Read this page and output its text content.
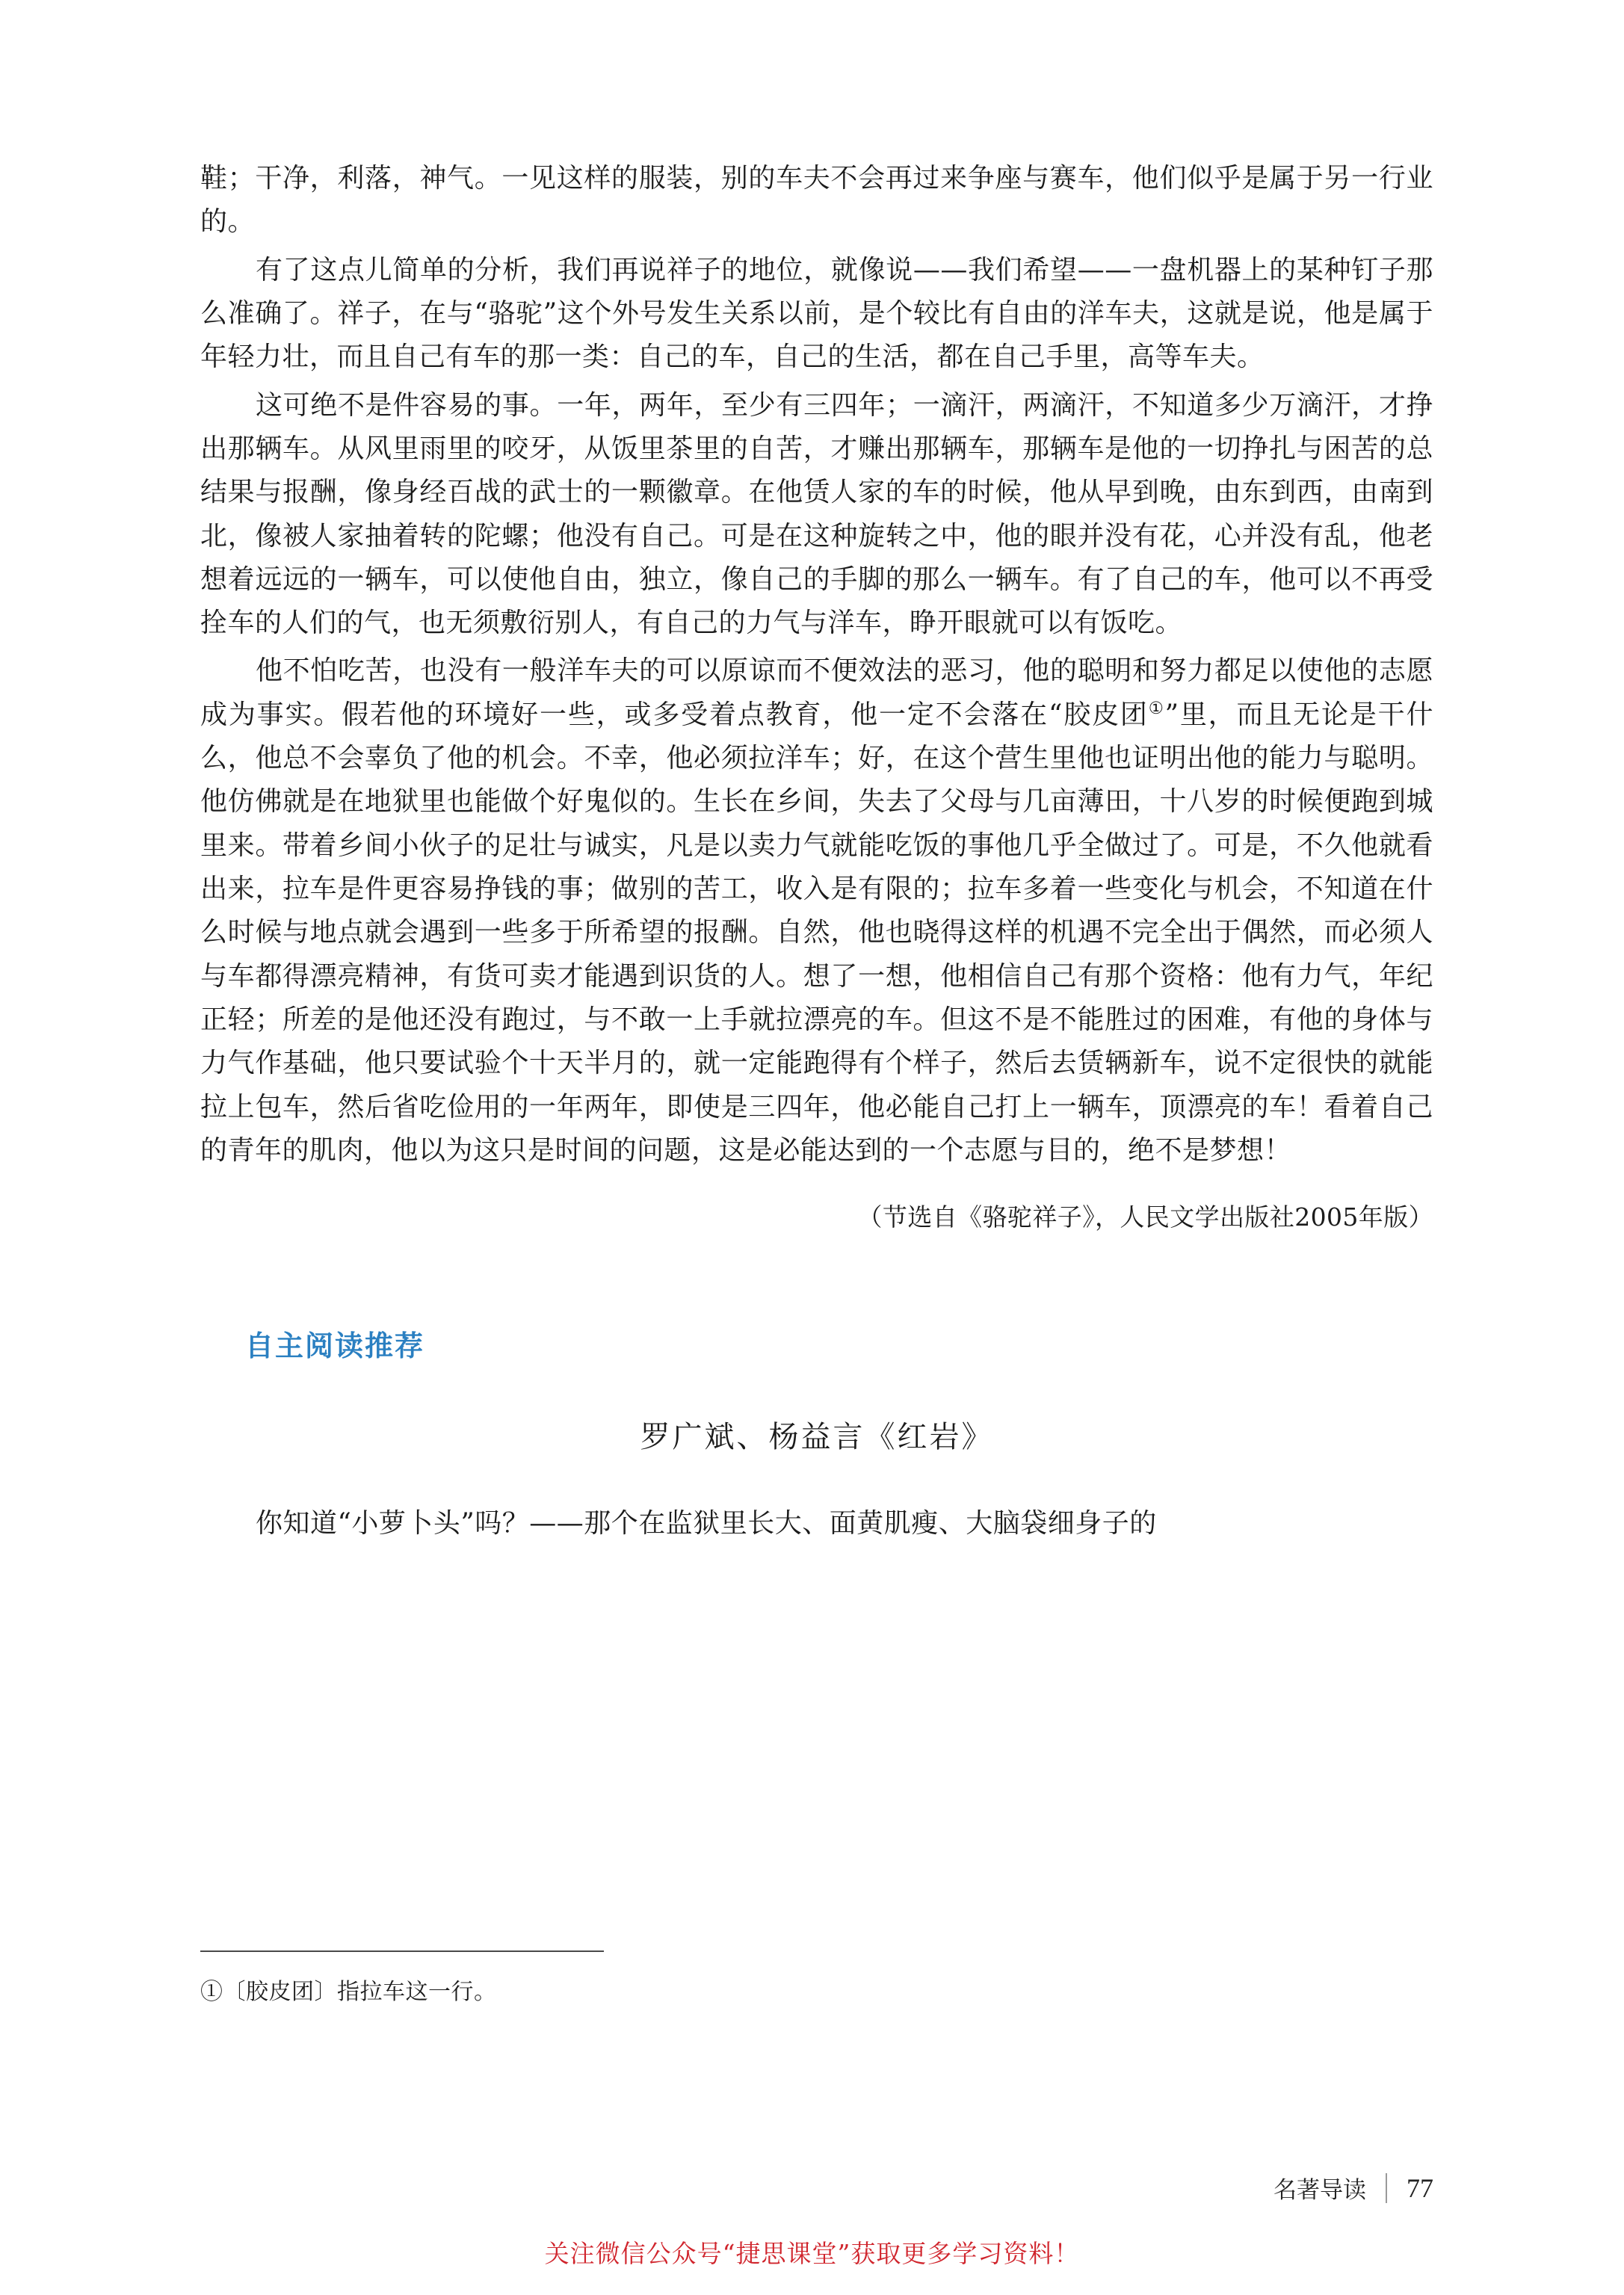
鞋；干净，利落，神气。一见这样的服装，别的车夫不会再过来争座与赛车，他们似乎是属于另一行业的。

有了这点儿简单的分析，我们再说祥子的地位，就像说——我们希望——一盘机器上的某种钉子那么准确了。祥子，在与“骆驼”这个外号发生关系以前，是个较比有自由的洋车夫，这就是说，他是属于年轻力壮，而且自己有车的那一类：自己的车，自己的生活，都在自己手里，高等车夫。

这可绝不是件容易的事。一年，两年，至少有三四年；一滴汗，两滴汗，不知道多少万滴汗，才挣出那辆车。从风里雨里的咬牙，从饭里茶里的自苦，才赚出那辆车，那辆车是他的一切挣扎与困苦的总结果与报酬，像身经百战的武士的一颗徽章。在他赁人家的车的时候，他从早到晚，由东到西，由南到北，像被人家抽着转的陀螺；他没有自己。可是在这种旋转之中，他的眼并没有花，心并没有乱，他老想着远远的一辆车，可以使他自由，独立，像自己的手脚的那么一辆车。有了自己的车，他可以不再受拴车的人们的气，也无须敷衍别人，有自己的力气与洋车，睁开眼就可以有饭吃。

他不怕吃苦，也没有一般洋车夫的可以原谅而不便效法的恶习，他的聪明和努力都足以使他的志愿成为事实。假若他的环境好一些，或多受着点教育，他一定不会落在“胶皮团①”里，而且无论是干什么，他总不会辜负了他的机会。不幸，他必须拉洋车；好，在这个营生里他也证明出他的能力与聪明。他仿佛就是在地狱里也能做个好鬼似的。生长在乡间，失去了父母与几亩薄田，十八岁的时候便跑到城里来。带着乡间小伙子的足壮与诚实，凡是以卖力气就能吃饭的事他几乎全做过了。可是，不久他就看出来，拉车是件更容易挣钱的事；做别的苦工，收入是有限的；拉车多着一些变化与机会，不知道在什么时候与地点就会遇到一些多于所希望的报酬。自然，他也晓得这样的机遇不完全出于偶然，而必须人与车都得漂亮精神，有货可卖才能遇到识货的人。想了一想，他相信自己有那个资格：他有力气，年纪正轻；所差的是他还没有跑过，与不敢一上手就拉漂亮的车。但这不是不能胜过的困难，有他的身体与力气作基础，他只要试验个十天半月的，就一定能跑得有个样子，然后去赁辆新车，说不定很快的就能拉上包车，然后省吃俭用的一年两年，即使是三四年，他必能自己打上一辆车，顶漂亮的车！看着自己的青年的肌肉，他以为这只是时间的问题，这是必能达到的一个志愿与目的，绝不是梦想！

（节选自《骆驼祥子》，人民文学出版社2005年版）
自主阅读推荐
罗广斌、杨益言《红岩》
你知道“小萝卜头”吗？——那个在监狱里长大、面黄肌瘦、大脑袋细身子的
①〔胶皮团〕指拉车这一行。
名著导读 77
关注微信公众号“捷思课堂”获取更多学习资料！
